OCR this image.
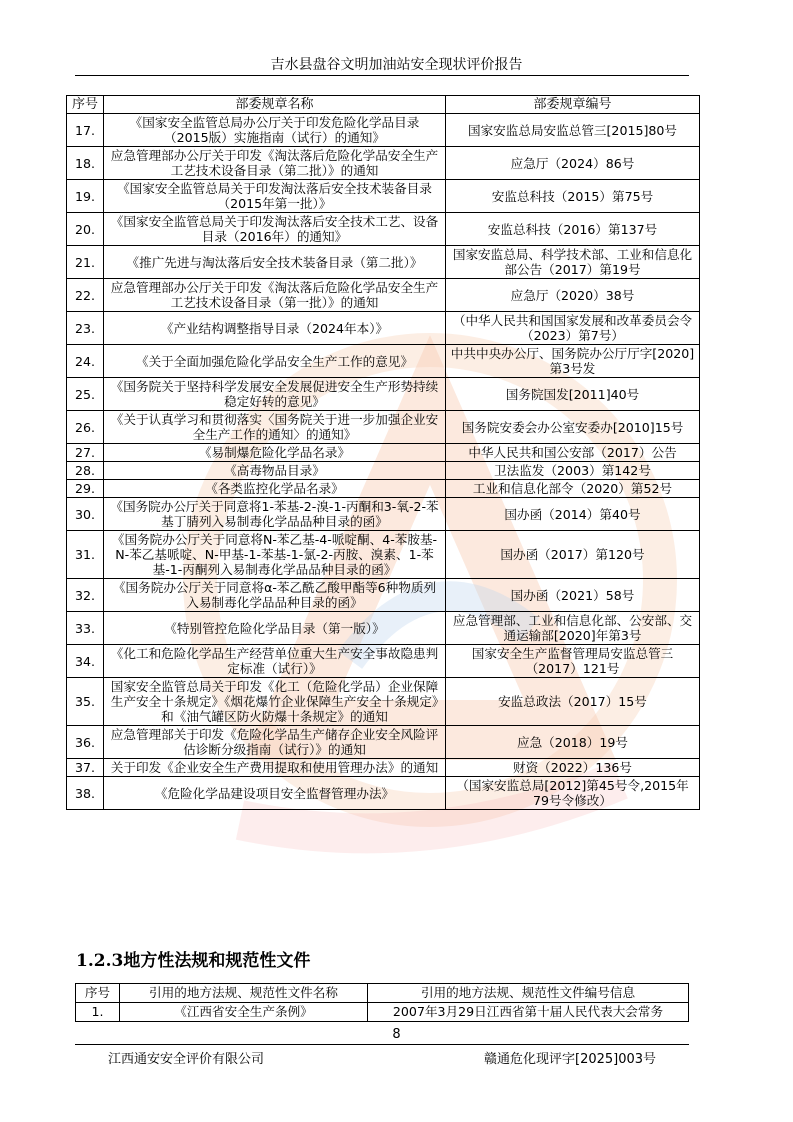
吉水县盘谷文明加油站安全现状评价报告
序号	部委规章名称	部委规章编号
17.	《国家安全监管总局办公厅关于印发危险化学品目录（2015版）实施指南（试行）的通知》	国家安监总局安监总管三[2015]80号
18.	应急管理部办公厅关于印发《淘汰落后危险化学品安全生产工艺技术设备目录（第二批）》的通知	应急厅（2024）86号
19.	《国家安全监管总局关于印发淘汰落后安全技术装备目录（2015年第一批）》	安监总科技（2015）第75号
20.	《国家安全监管总局关于印发淘汰落后安全技术工艺、设备目录（2016年）的通知》	安监总科技（2016）第137号
21.	《推广先进与淘汰落后安全技术装备目录（第二批）》	国家安监总局、科学技术部、工业和信息化部公告（2017）第19号
22.	应急管理部办公厅关于印发《淘汰落后危险化学品安全生产工艺技术设备目录（第一批）》的通知	应急厅（2020）38号
23.	《产业结构调整指导目录（2024年本）》	（中华人民共和国国家发展和改革委员会令（2023）第7号）
24.	《关于全面加强危险化学品安全生产工作的意见》	中共中央办公厅、国务院办公厅厅字[2020]第3号发
25.	《国务院关于坚持科学发展安全发展促进安全生产形势持续稳定好转的意见》	国务院国发[2011]40号
26.	《关于认真学习和贯彻落实〈国务院关于进一步加强企业安全生产工作的通知〉的通知》	国务院安委会办公室安委办[2010]15号
27.	《易制爆危险化学品名录》	中华人民共和国公安部（2017）公告
28.	《高毒物品目录》	卫法监发（2003）第142号
29.	《各类监控化学品名录》	工业和信息化部令（2020）第52号
30.	《国务院办公厅关于同意将1-苯基-2-溴-1-丙酮和3-氧-2-苯基丁腈列入易制毒化学品品种目录的函》	国办函（2014）第40号
31.	《国务院办公厅关于同意将N-苯乙基-4-哌啶酮、4-苯胺基-N-苯乙基哌啶、N-甲基-1-苯基-1-氯-2-丙胺、溴素、1-苯基-1-丙酮列入易制毒化学品品种目录的函》	国办函（2017）第120号
32.	《国务院办公厅关于同意将α-苯乙酰乙酸甲酯等6种物质列入易制毒化学品品种目录的函》	国办函（2021）58号
33.	《特别管控危险化学品目录（第一版）》	应急管理部、工业和信息化部、公安部、交通运输部[2020]年第3号
34.	《化工和危险化学品生产经营单位重大生产安全事故隐患判定标准（试行）》	国家安全生产监督管理局安监总管三（2017）121号
35.	国家安全监管总局关于印发《化工（危险化学品）企业保障生产安全十条规定》《烟花爆竹企业保障生产安全十条规定》和《油气罐区防火防爆十条规定》的通知	安监总政法（2017）15号
36.	应急管理部关于印发《危险化学品生产储存企业安全风险评估诊断分级指南（试行）》的通知	应急（2018）19号
37.	关于印发《企业安全生产费用提取和使用管理办法》的通知	财资（2022）136号
38.	《危险化学品建设项目安全监督管理办法》	（国家安监总局[2012]第45号令,2015年79号令修改）
1.2.3地方性法规和规范性文件
序号	引用的地方法规、规范性文件名称	引用的地方法规、规范性文件编号信息
1.	《江西省安全生产条例》	2007年3月29日江西省第十届人民代表大会常务
8
江西通安安全评价有限公司	赣通危化现评字[2025]003号
